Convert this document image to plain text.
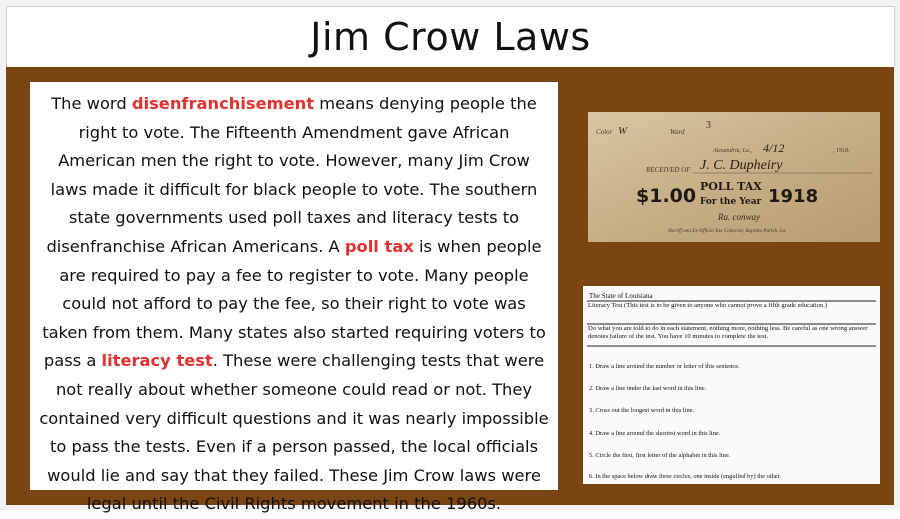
Jim Crow Laws
The word disenfranchisement means denying people the right to vote. The Fifteenth Amendment gave African American men the right to vote. However, many Jim Crow laws made it difficult for black people to vote. The southern state governments used poll taxes and literacy tests to disenfranchise African Americans. A poll tax is when people are required to pay a fee to register to vote. Many people could not afford to pay the fee, so their right to vote was taken from them. Many states also started requiring voters to pass a literacy test. These were challenging tests that were not really about whether someone could read or not. They contained very difficult questions and it was nearly impossible to pass the tests. Even if a person passed, the local officials would lie and say that they failed. These Jim Crow laws were legal until the Civil Rights movement in the 1960s.
Color W	Ward
3
Alexandria, La., 4/12	, 1918.
RECEIVED OF J. C. Dupheiry
$1.00 POLL TAX
For the Year 1918
Ra. conway
Sheriff and Ex-Officio Tax Collector, Rapides Parish, La.
The State of Louisiana
Literacy Test (This test is to be given to anyone who cannot prove a fifth grade education.)
Do what you are told to do in each statement, nothing more, nothing less. Be careful as one wrong answer denotes failure of the test. You have 10 minutes to complete the test.
1. Draw a line around the number or letter of this sentence.
2. Draw a line under the last word in this line.
3. Cross out the longest word in this line.
4. Draw a line around the shortest word in this line.
5. Circle the first, first letter of the alphabet in this line.
6. In the space below draw three circles, one inside (engulfed by) the other.
